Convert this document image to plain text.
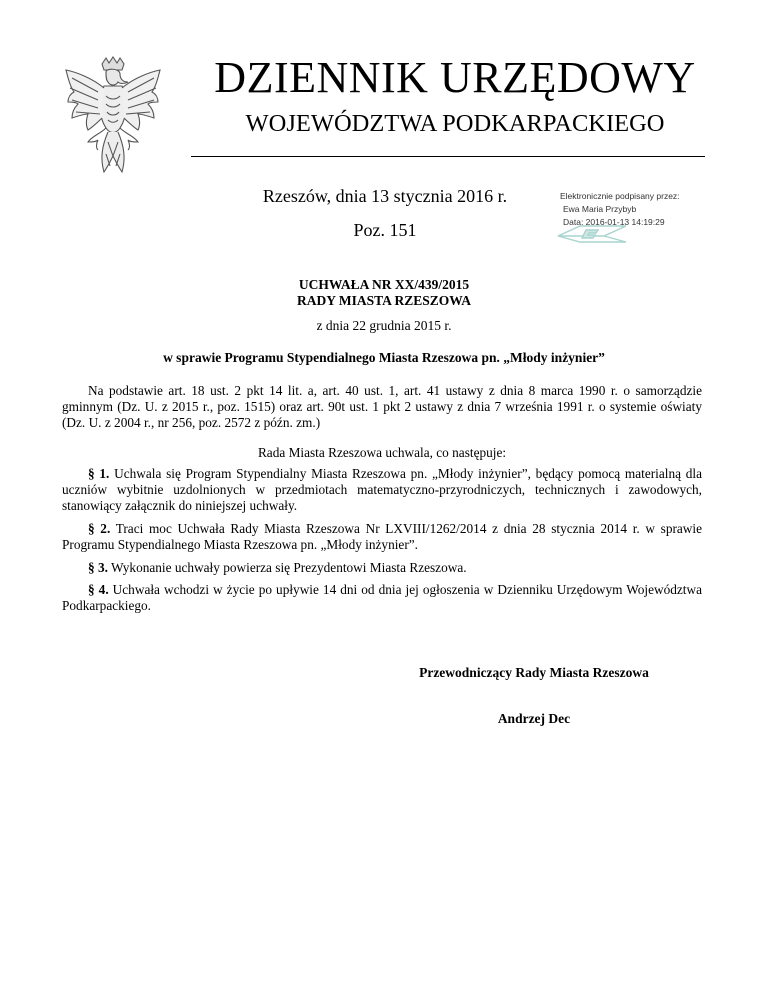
DZIENNIK URZĘDOWY
WOJEWÓDZTWA PODKARPACKIEGO
Rzeszów, dnia 13 stycznia 2016 r.
Poz. 151
Elektronicznie podpisany przez:
Ewa Maria Przybyb
Data: 2016-01-13 14:19:29
UCHWAŁA NR XX/439/2015
RADY MIASTA RZESZOWA
z dnia 22 grudnia 2015 r.
w sprawie Programu Stypendialnego Miasta Rzeszowa pn. „Młody inżynier”
Na podstawie art. 18 ust. 2 pkt 14 lit. a, art. 40 ust. 1, art. 41 ustawy z dnia 8 marca 1990 r. o samorządzie gminnym (Dz. U. z 2015 r., poz. 1515) oraz art. 90t ust. 1 pkt 2 ustawy z dnia 7 września 1991 r. o systemie oświaty (Dz. U. z 2004 r., nr 256, poz. 2572 z późn. zm.)
Rada Miasta Rzeszowa uchwala, co następuje:
§ 1. Uchwala się Program Stypendialny Miasta Rzeszowa pn. „Młody inżynier”, będący pomocą materialną dla uczniów wybitnie uzdolnionych w przedmiotach matematyczno-przyrodniczych, technicznych i zawodowych, stanowiący załącznik do niniejszej uchwały.
§ 2. Traci moc Uchwała Rady Miasta Rzeszowa Nr LXVIII/1262/2014 z dnia 28 stycznia 2014 r. w sprawie Programu Stypendialnego Miasta Rzeszowa pn. „Młody inżynier”.
§ 3. Wykonanie uchwały powierza się Prezydentowi Miasta Rzeszowa.
§ 4. Uchwała wchodzi w życie po upływie 14 dni od dnia jej ogłoszenia w Dzienniku Urzędowym Województwa Podkarpackiego.
Przewodniczący Rady Miasta Rzeszowa
Andrzej Dec
